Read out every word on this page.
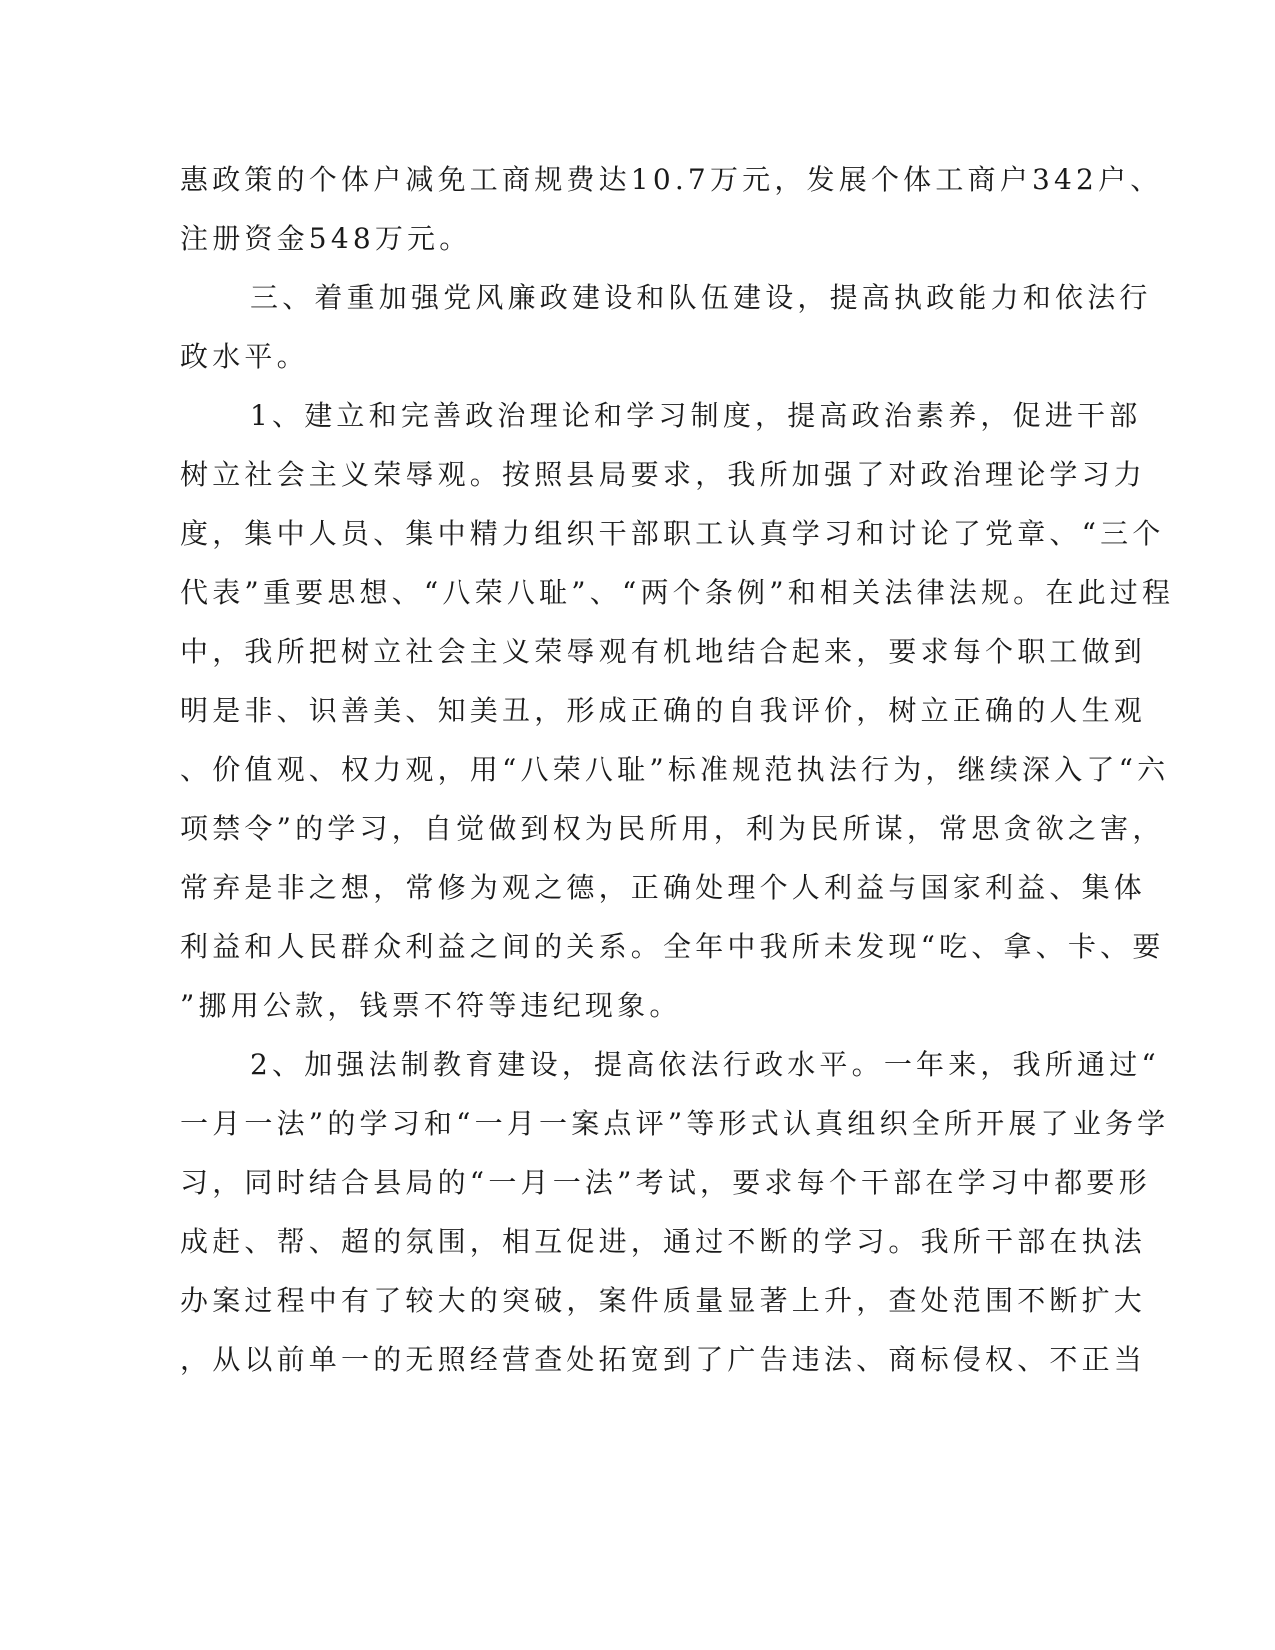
惠政策的个体户减免工商规费达10.7万元，发展个体工商户342户、

注册资金548万元。

三、着重加强党风廉政建设和队伍建设，提高执政能力和依法行

政水平。

1、建立和完善政治理论和学习制度，提高政治素养，促进干部

树立社会主义荣辱观。按照县局要求，我所加强了对政治理论学习力

度，集中人员、集中精力组织干部职工认真学习和讨论了党章、“三个

代表”重要思想、“八荣八耻”、“两个条例”和相关法律法规。在此过程

中，我所把树立社会主义荣辱观有机地结合起来，要求每个职工做到

明是非、识善美、知美丑，形成正确的自我评价，树立正确的人生观

、价值观、权力观，用“八荣八耻”标准规范执法行为，继续深入了“六

项禁令”的学习，自觉做到权为民所用，利为民所谋，常思贪欲之害，

常弃是非之想，常修为观之德，正确处理个人利益与国家利益、集体

利益和人民群众利益之间的关系。全年中我所未发现“吃、拿、卡、要

”挪用公款，钱票不符等违纪现象。

2、加强法制教育建设，提高依法行政水平。一年来，我所通过“

一月一法”的学习和“一月一案点评”等形式认真组织全所开展了业务学

习，同时结合县局的“一月一法”考试，要求每个干部在学习中都要形

成赶、帮、超的氛围，相互促进，通过不断的学习。我所干部在执法

办案过程中有了较大的突破，案件质量显著上升，查处范围不断扩大

，从以前单一的无照经营查处拓宽到了广告违法、商标侵权、不正当
